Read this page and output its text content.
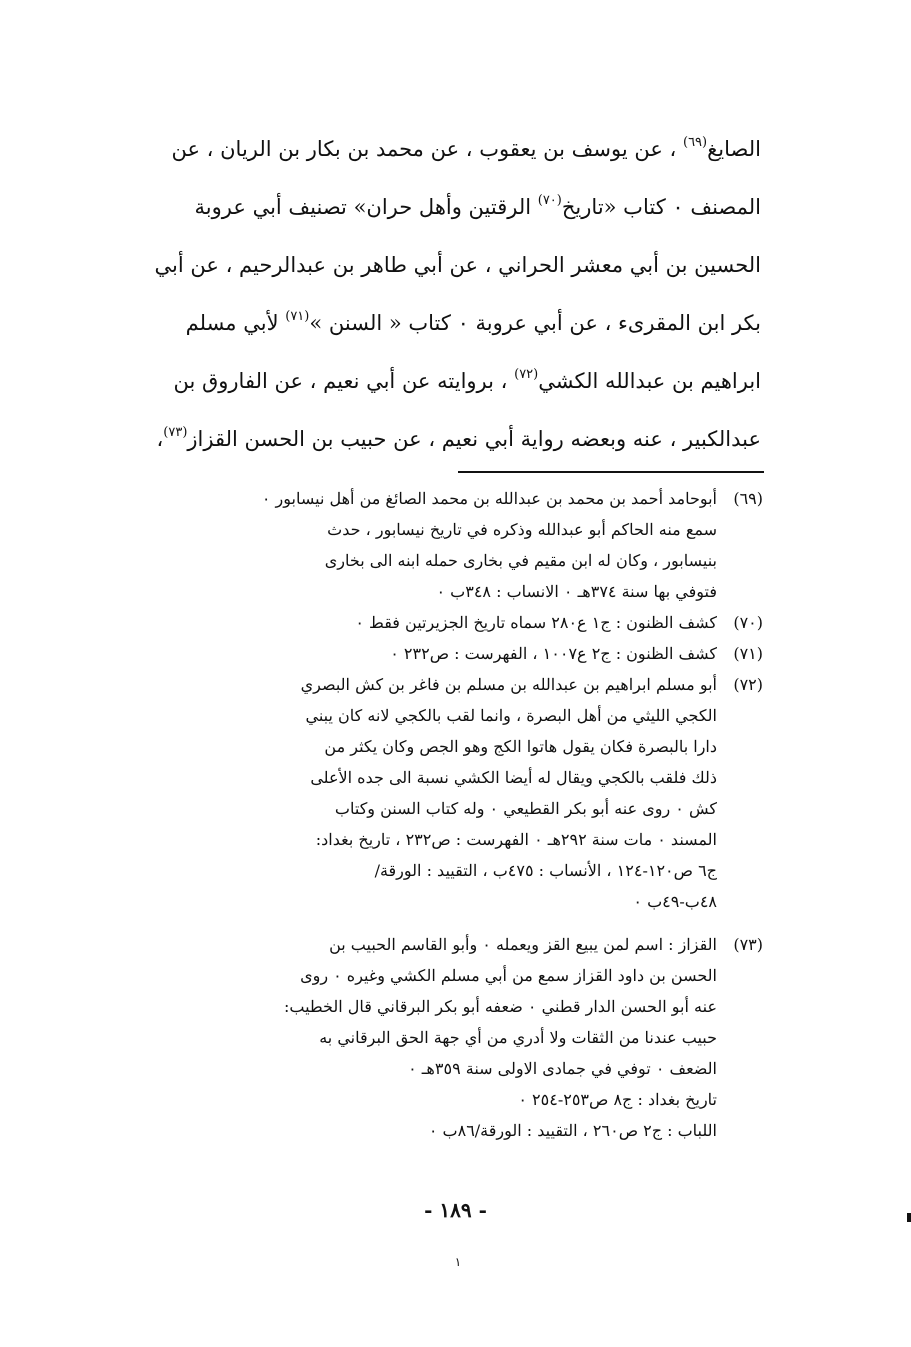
الصايغ$^{(٦٩)}$ ، عن يوسف بن يعقوب ، عن محمد بن بكار بن الريان ، عن
المصنف ٠ كتاب «تاريخ$^{(٧٠)}$ الرقتين وأهل حران» تصنيف أبي عروبة
الحسين بن أبي معشر الحراني ، عن أبي طاهر بن عبدالرحيم ، عن أبي
بكر ابن المقرىء ، عن أبي عروبة ٠ كتاب « السنن »$^{(٧١)}$ لأبي مسلم
ابراهيم بن عبدالله الكشي$^{(٧٢)}$ ، بروايته عن أبي نعيم ، عن الفاروق بن
عبدالكبير ، عنه وبعضه رواية أبي نعيم ، عن حبيب بن الحسن القزاز$^{(٧٣)}$،
(٦٩)
أبوحامد أحمد بن محمد بن عبدالله بن محمد الصائغ من أهل نيسابور ٠
سمع منه الحاكم أبو عبدالله وذكره في تاريخ نيسابور ، حدث
بنيسابور ، وكان له ابن مقيم في بخارى حمله ابنه الى بخارى
فتوفي بها سنة ٣٧٤هـ ٠ الانساب : ٣٤٨ب ٠
(٧٠)
كشف الظنون : ج١ ع٢٨٠ سماه تاريخ الجزيرتين فقط ٠
(٧١)
كشف الظنون : ج٢ ع١٠٠٧ ، الفهرست : ص٢٣٢ ٠
(٧٢)
أبو مسلم ابراهيم بن عبدالله بن مسلم بن فاغر بن كش البصري
الكجي الليثي من أهل البصرة ، وانما لقب بالكجي لانه كان يبني
دارا بالبصرة فكان يقول هاتوا الكج وهو الجص وكان يكثر من
ذلك فلقب بالكجي ويقال له أيضا الكشي نسبة الى جده الأعلى
كش ٠ روى عنه أبو بكر القطيعي ٠ وله كتاب السنن وكتاب
المسند ٠ مات سنة ٢٩٢هـ ٠ الفهرست : ص٢٣٢ ، تاريخ بغداد:
ج٦ ص١٢٠-١٢٤ ، الأنساب : ٤٧٥ب ، التقييد : الورقة/
٤٨ب-٤٩ب ٠
(٧٣)
القزاز : اسم لمن يبيع القز ويعمله ٠ وأبو القاسم الحبيب بن
الحسن بن داود القزاز سمع من أبي مسلم الكشي وغيره ٠ روى
عنه أبو الحسن الدار قطني ٠ ضعفه أبو بكر البرقاني قال الخطيب:
حبيب عندنا من الثقات ولا أدري من أي جهة الحق البرقاني به
الضعف ٠ توفي في جمادى الاولى سنة ٣٥٩هـ ٠
تاريخ بغداد : ج٨ ص٢٥٣-٢٥٤ ٠
اللباب : ج٢ ص٢٦٠ ، التقييد : الورقة/٨٦ب ٠
- ١٨٩ -
١
